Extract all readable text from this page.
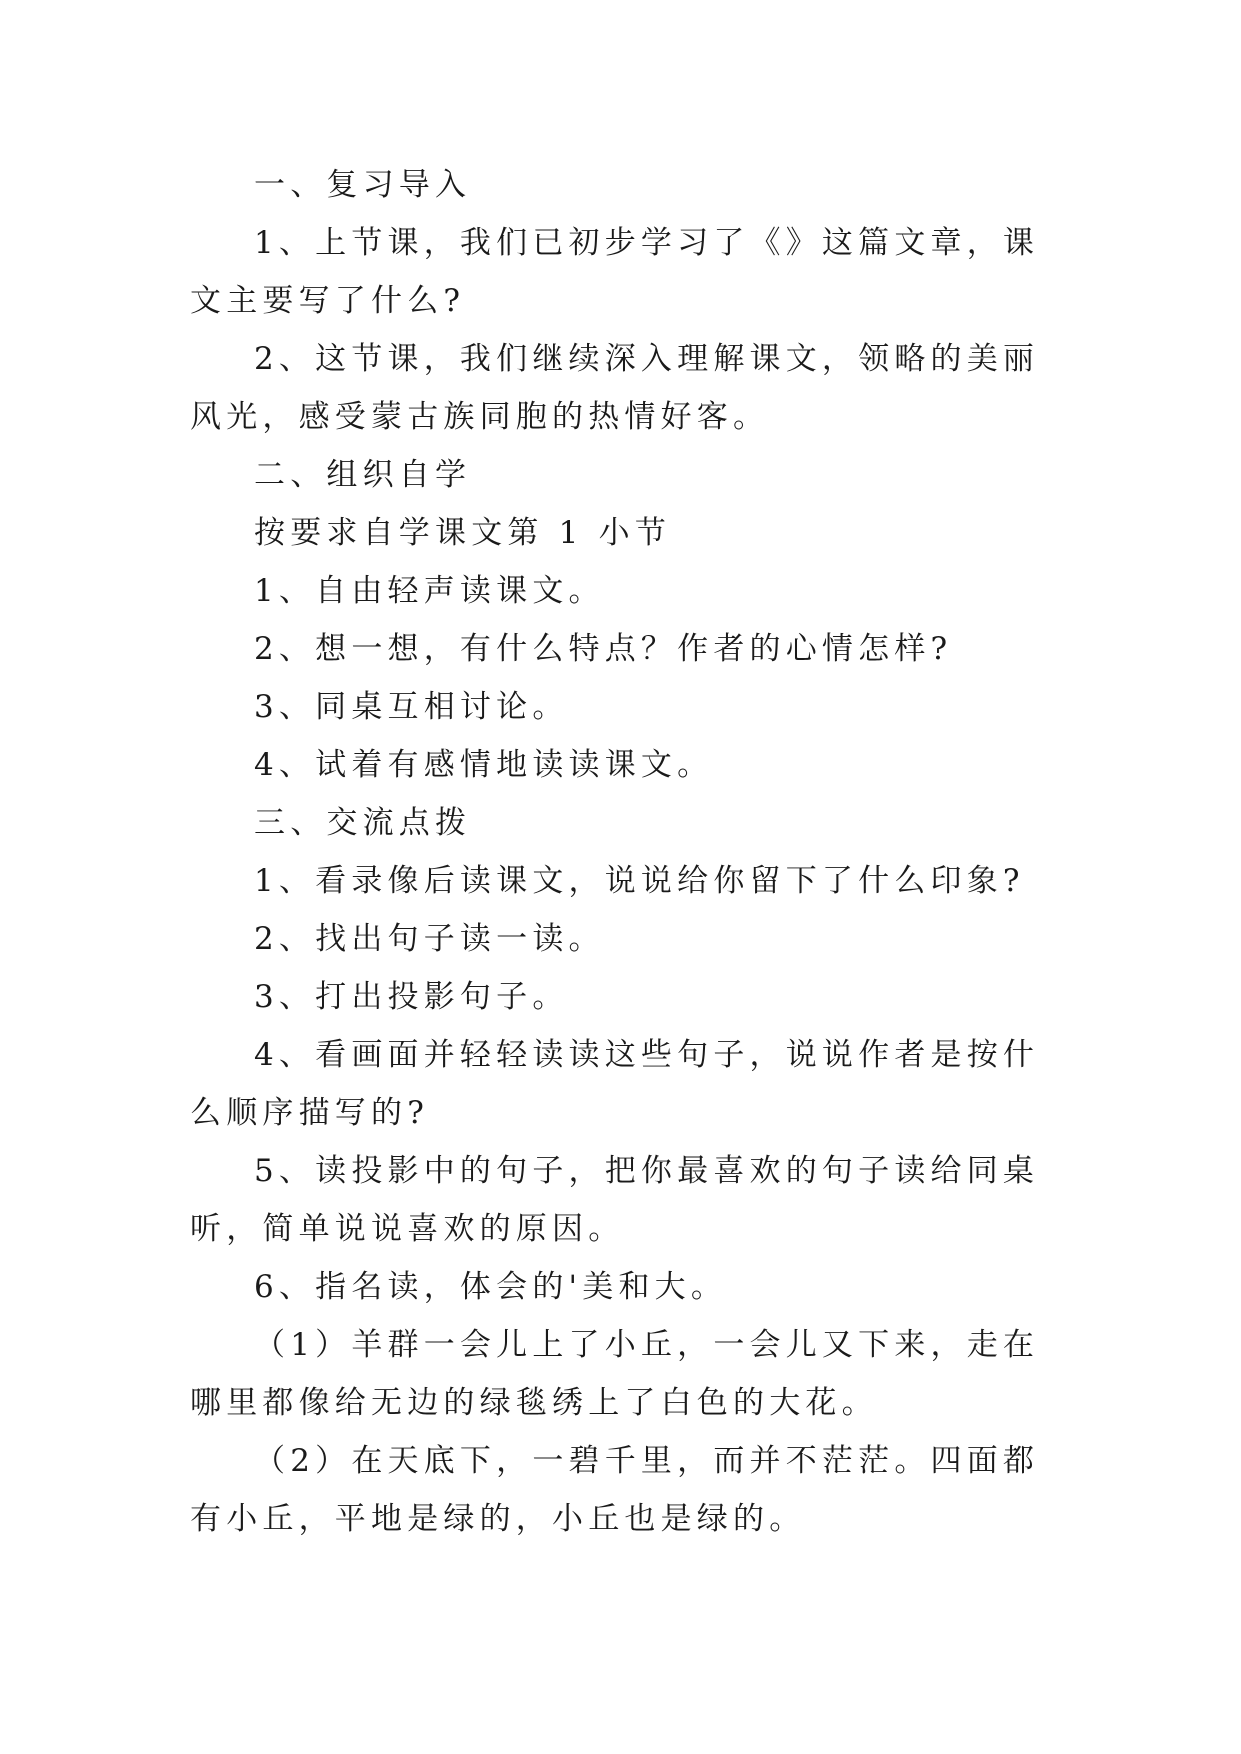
一、复习导入

1、上节课，我们已初步学习了《》这篇文章，课文主要写了什么?

2、这节课，我们继续深入理解课文，领略的美丽风光，感受蒙古族同胞的热情好客。

二、组织自学

按要求自学课文第 1 小节

1、自由轻声读课文。

2、想一想，有什么特点？作者的心情怎样?

3、同桌互相讨论。

4、试着有感情地读读课文。

三、交流点拨

1、看录像后读课文，说说给你留下了什么印象?

2、找出句子读一读。

3、打出投影句子。

4、看画面并轻轻读读这些句子，说说作者是按什么顺序描写的?

5、读投影中的句子，把你最喜欢的句子读给同桌听，简单说说喜欢的原因。

6、指名读，体会的'美和大。

（1）羊群一会儿上了小丘，一会儿又下来，走在哪里都像给无边的绿毯绣上了白色的大花。

（2）在天底下，一碧千里，而并不茫茫。四面都有小丘，平地是绿的，小丘也是绿的。
